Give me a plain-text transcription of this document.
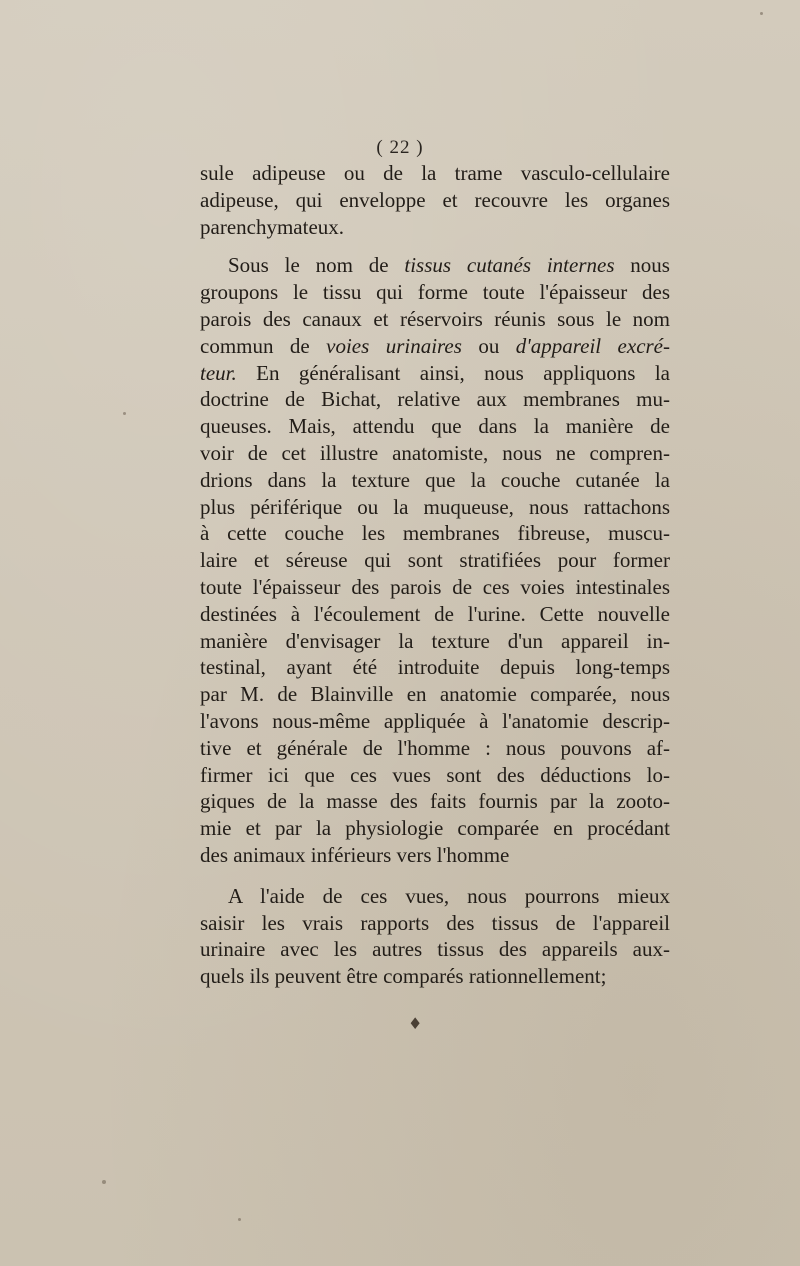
( 22 )
sule adipeuse ou de la trame vasculo-cellulaire
adipeuse, qui enveloppe et recouvre les organes
parenchymateux.
Sous le nom de tissus cutanés internes nous
groupons le tissu qui forme toute l'épaisseur des
parois des canaux et réservoirs réunis sous le nom
commun de voies urinaires ou d'appareil excré-
teur. En généralisant ainsi, nous appliquons la
doctrine de Bichat, relative aux membranes mu-
queuses. Mais, attendu que dans la manière de
voir de cet illustre anatomiste, nous ne compren-
drions dans la texture que la couche cutanée la
plus périférique ou la muqueuse, nous rattachons
à cette couche les membranes fibreuse, muscu-
laire et séreuse qui sont stratifiées pour former
toute l'épaisseur des parois de ces voies intestinales
destinées à l'écoulement de l'urine. Cette nouvelle
manière d'envisager la texture d'un appareil in-
testinal, ayant été introduite depuis long-temps
par M. de Blainville en anatomie comparée, nous
l'avons nous-même appliquée à l'anatomie descrip-
tive et générale de l'homme : nous pouvons af-
firmer ici que ces vues sont des déductions lo-
giques de la masse des faits fournis par la zooto-
mie et par la physiologie comparée en procédant
des animaux inférieurs vers l'homme
A l'aide de ces vues, nous pourrons mieux
saisir les vrais rapports des tissus de l'appareil
urinaire avec les autres tissus des appareils aux-
quels ils peuvent être comparés rationnellement;
♦
